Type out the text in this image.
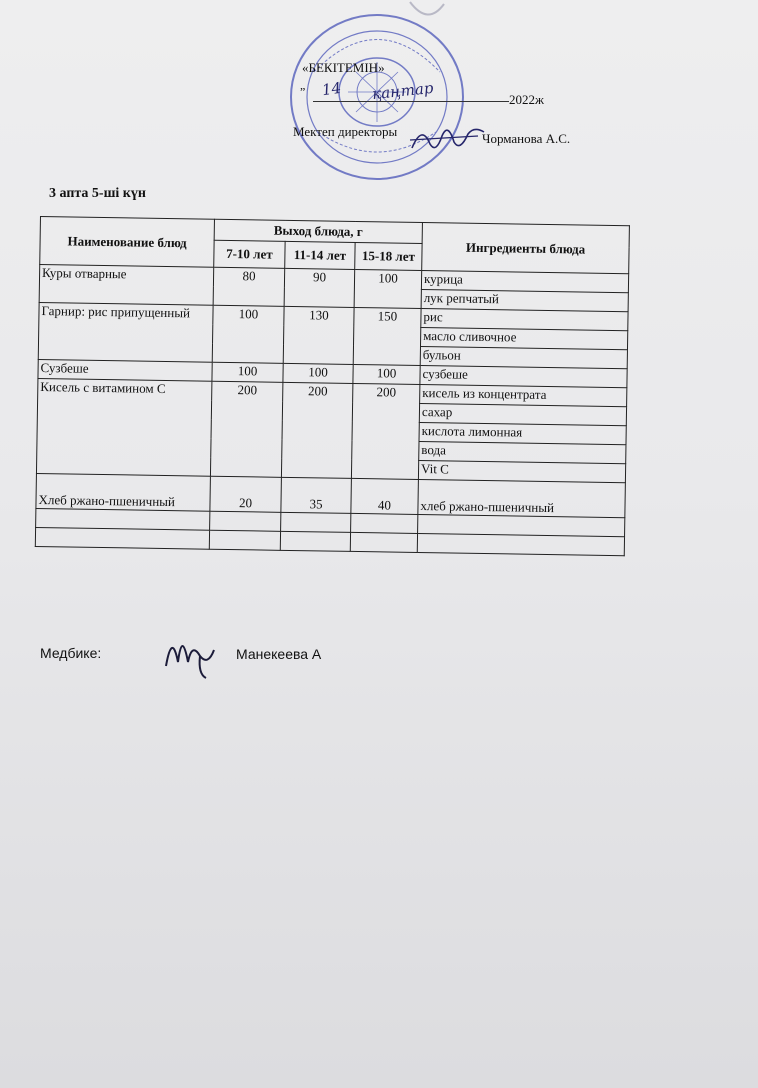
«БЕКІТЕМІН»
„ 14 қаңтар	2022ж
Мектеп директоры	Чорманова А.С.
3 апта 5-ші күн
Наименование блюд	Выход блюда, г			Ингредиенты блюда
	7-10 лет	11-14 лет	15-18 лет	
Куры отварные	80	90	100	курица
				лук репчатый
Гарнир: рис припущенный	100	130	150	рис
				масло сливочное
				бульон
Сузбеше	100	100	100	сузбеше
Кисель с витамином С	200	200	200	кисель из концентрата
				сахар
				кислота лимонная
				вода
				Vit C
Хлеб ржано-пшеничный	20	35	40	хлеб ржано-пшеничный

Медбике:	Манекеева А
